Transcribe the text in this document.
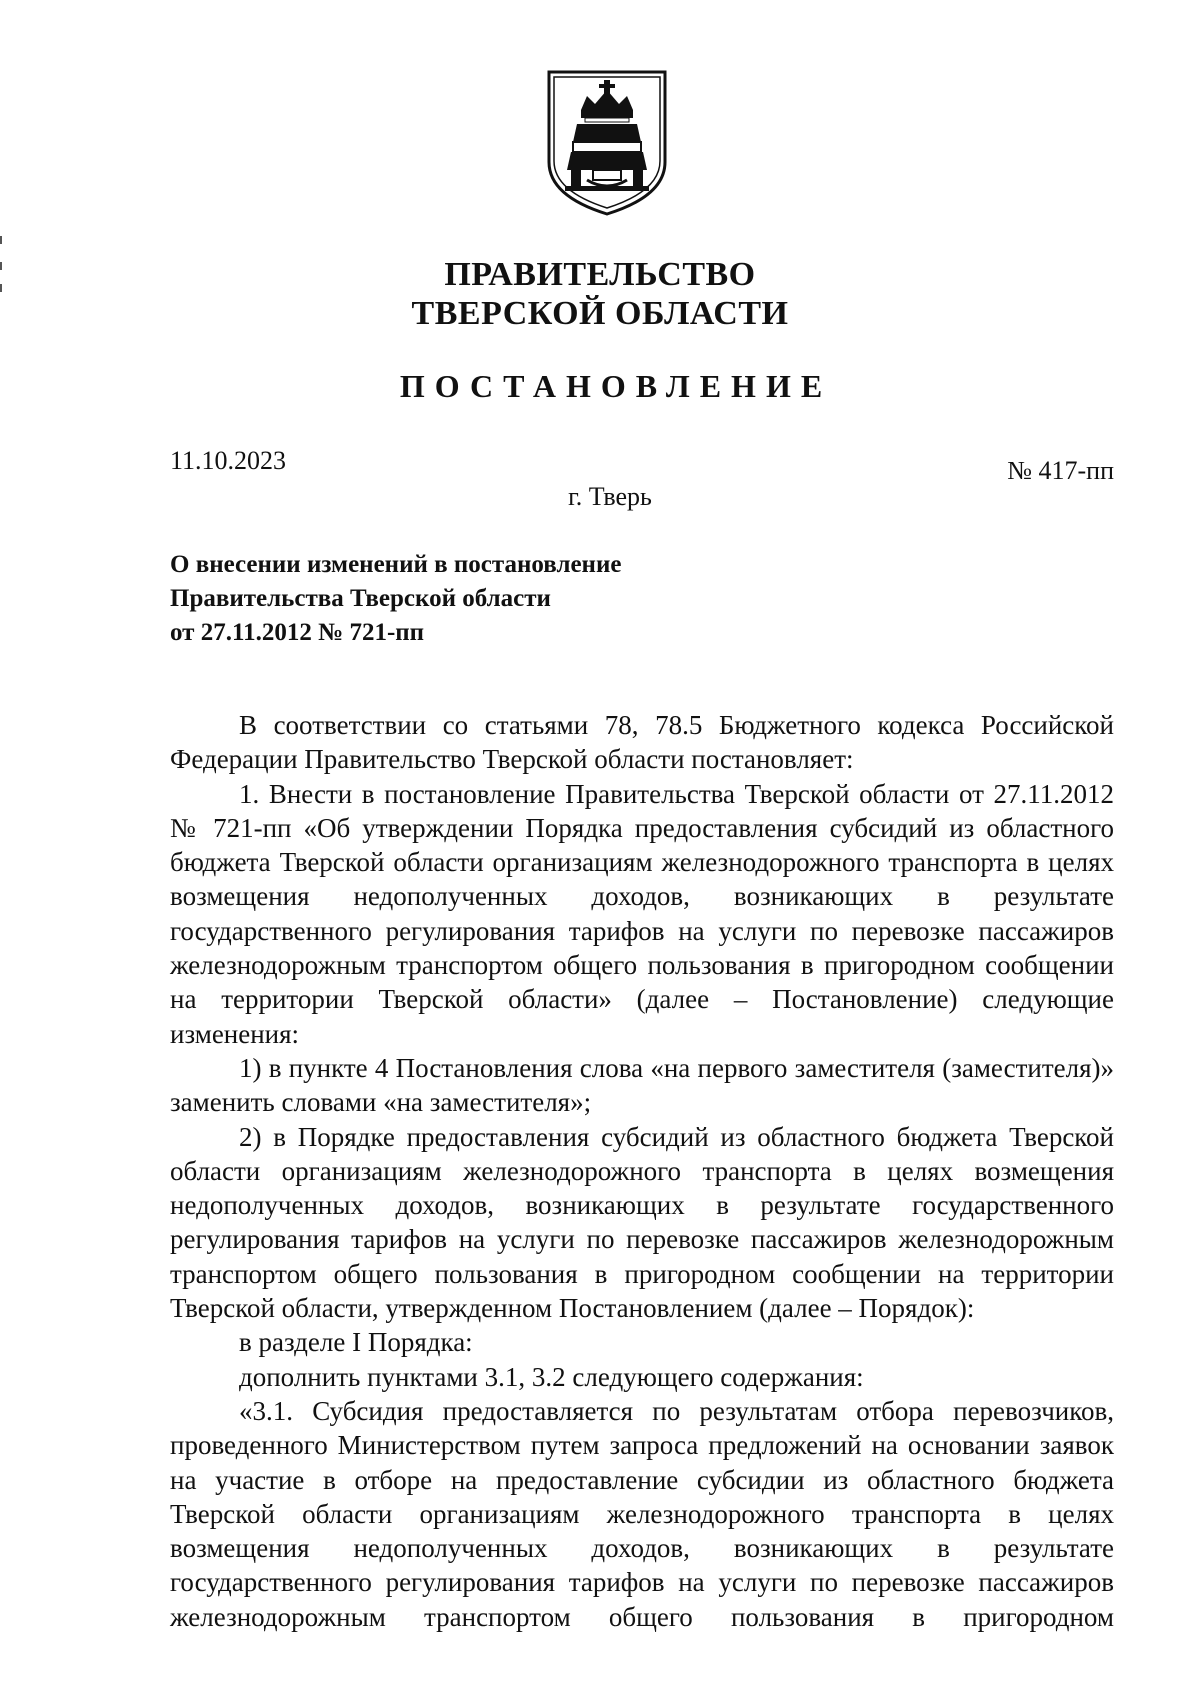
ПРАВИТЕЛЬСТВО
ТВЕРСКОЙ ОБЛАСТИ
ПОСТАНОВЛЕНИЕ
11.10.2023	№ 417-пп
г. Тверь
О внесении изменений в постановление
Правительства Тверской области
от 27.11.2012 № 721-пп

В соответствии со статьями 78, 78.5 Бюджетного кодекса Российской Федерации Правительство Тверской области постановляет:

1. Внести в постановление Правительства Тверской области от 27.11.2012 № 721-пп «Об утверждении Порядка предоставления субсидий из областного бюджета Тверской области организациям железнодорожного транспорта в целях возмещения недополученных доходов, возникающих в результате государственного регулирования тарифов на услуги по перевозке пассажиров железнодорожным транспортом общего пользования в пригородном сообщении на территории Тверской области» (далее – Постановление) следующие изменения:

1) в пункте 4 Постановления слова «на первого заместителя (заместителя)» заменить словами «на заместителя»;

2) в Порядке предоставления субсидий из областного бюджета Тверской области организациям железнодорожного транспорта в целях возмещения недополученных доходов, возникающих в результате государственного регулирования тарифов на услуги по перевозке пассажиров железнодорожным транспортом общего пользования в пригородном сообщении на территории Тверской области, утвержденном Постановлением (далее – Порядок):

в разделе I Порядка:

дополнить пунктами 3.1, 3.2 следующего содержания:

«3.1. Субсидия предоставляется по результатам отбора перевозчиков, проведенного Министерством путем запроса предложений на основании заявок на участие в отборе на предоставление субсидии из областного бюджета Тверской области организациям железнодорожного транспорта в целях возмещения недополученных доходов, возникающих в результате государственного регулирования тарифов на услуги по перевозке пассажиров железнодорожным транспортом общего пользования в пригородном
